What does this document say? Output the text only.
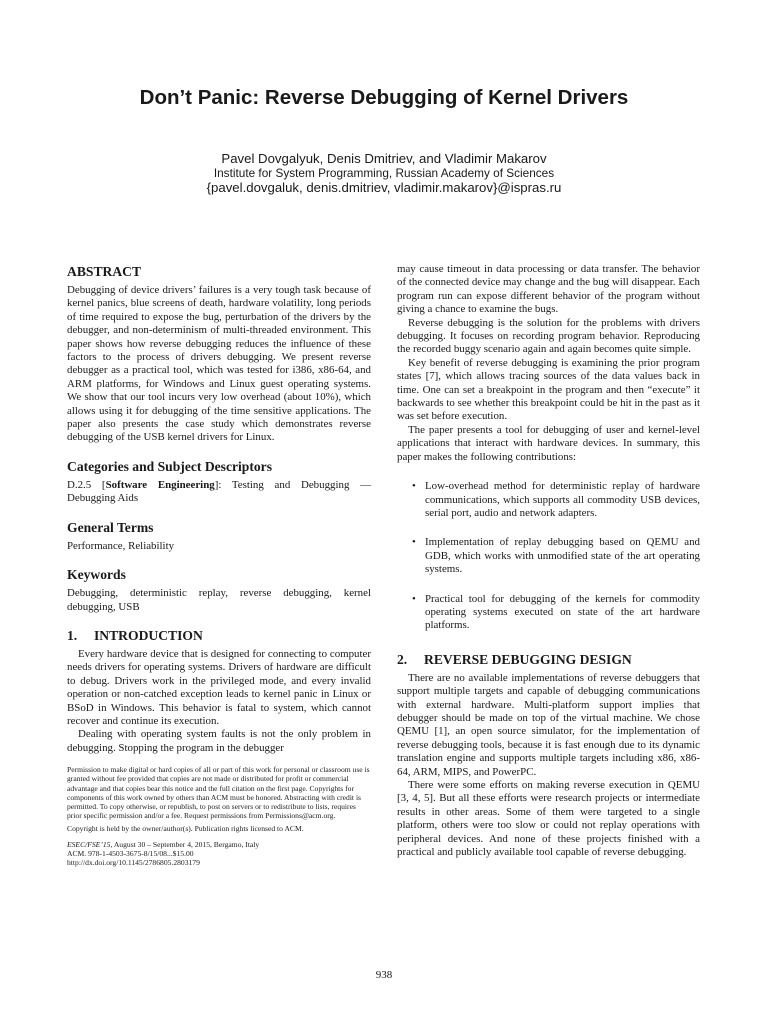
Don’t Panic: Reverse Debugging of Kernel Drivers
Pavel Dovgalyuk, Denis Dmitriev, and Vladimir Makarov
Institute for System Programming, Russian Academy of Sciences
{pavel.dovgaluk, denis.dmitriev, vladimir.makarov}@ispras.ru
ABSTRACT

Debugging of device drivers’ failures is a very tough task because of kernel panics, blue screens of death, hardware volatility, long periods of time required to expose the bug, perturbation of the drivers by the debugger, and non-determinism of multi-threaded environment. This paper shows how reverse debugging reduces the influence of these factors to the process of drivers debugging. We present reverse debugger as a practical tool, which was tested for i386, x86-64, and ARM platforms, for Windows and Linux guest operating systems. We show that our tool incurs very low overhead (about 10%), which allows using it for debugging of the time sensitive applications. The paper also presents the case study which demonstrates reverse debugging of the USB kernel drivers for Linux.

Categories and Subject Descriptors

D.2.5 [Software Engineering]: Testing and Debugging — Debugging Aids

General Terms

Performance, Reliability

Keywords

Debugging, deterministic replay, reverse debugging, kernel debugging, USB

1. INTRODUCTION

Every hardware device that is designed for connecting to computer needs drivers for operating systems. Drivers of hardware are difficult to debug. Drivers work in the privileged mode, and every invalid operation or non-catched exception leads to kernel panic in Linux or BSoD in Windows. This behavior is fatal to system, which cannot recover and continue its execution.

Dealing with operating system faults is not the only problem in debugging. Stopping the program in the debugger

Permission to make digital or hard copies of all or part of this work for personal or classroom use is granted without fee provided that copies are not made or distributed for profit or commercial advantage and that copies bear this notice and the full citation on the first page. Copyrights for components of this work owned by others than ACM must be honored. Abstracting with credit is permitted. To copy otherwise, or republish, to post on servers or to redistribute to lists, requires prior specific permission and/or a fee. Request permissions from Permissions@acm.org.
Copyright is held by the owner/author(s). Publication rights licensed to ACM.
ESEC/FSE’15, August 30 – September 4, 2015, Bergamo, Italy
ACM. 978-1-4503-3675-8/15/08...$15.00
http://dx.doi.org/10.1145/2786805.2803179

may cause timeout in data processing or data transfer. The behavior of the connected device may change and the bug will disappear. Each program run can expose different behavior of the program without giving a chance to examine the bugs.

Reverse debugging is the solution for the problems with drivers debugging. It focuses on recording program behavior. Reproducing the recorded buggy scenario again and again becomes quite simple.

Key benefit of reverse debugging is examining the prior program states [7], which allows tracing sources of the data values back in time. One can set a breakpoint in the program and then “execute” it backwards to see whether this breakpoint could be hit in the past as it was set before execution.

The paper presents a tool for debugging of user and kernel-level applications that interact with hardware devices. In summary, this paper makes the following contributions:

• Low-overhead method for deterministic replay of hardware communications, which supports all commodity USB devices, serial port, audio and network adapters.
• Implementation of replay debugging based on QEMU and GDB, which works with unmodified state of the art operating systems.
• Practical tool for debugging of the kernels for commodity operating systems executed on state of the art hardware platforms.
2. REVERSE DEBUGGING DESIGN

There are no available implementations of reverse debuggers that support multiple targets and capable of debugging communications with external hardware. Multi-platform support implies that debugger should be made on top of the virtual machine. We chose QEMU [1], an open source simulator, for the implementation of reverse debugging tools, because it is fast enough due to its dynamic translation engine and supports multiple targets including x86, x86-64, ARM, MIPS, and PowerPC.

There were some efforts on making reverse execution in QEMU [3, 4, 5]. But all these efforts were research projects or intermediate results in other areas. Some of them were targeted to a single platform, others were too slow or could not replay operations with peripheral devices. And none of these projects finished with a practical and publicly available tool capable of reverse debugging.

938
